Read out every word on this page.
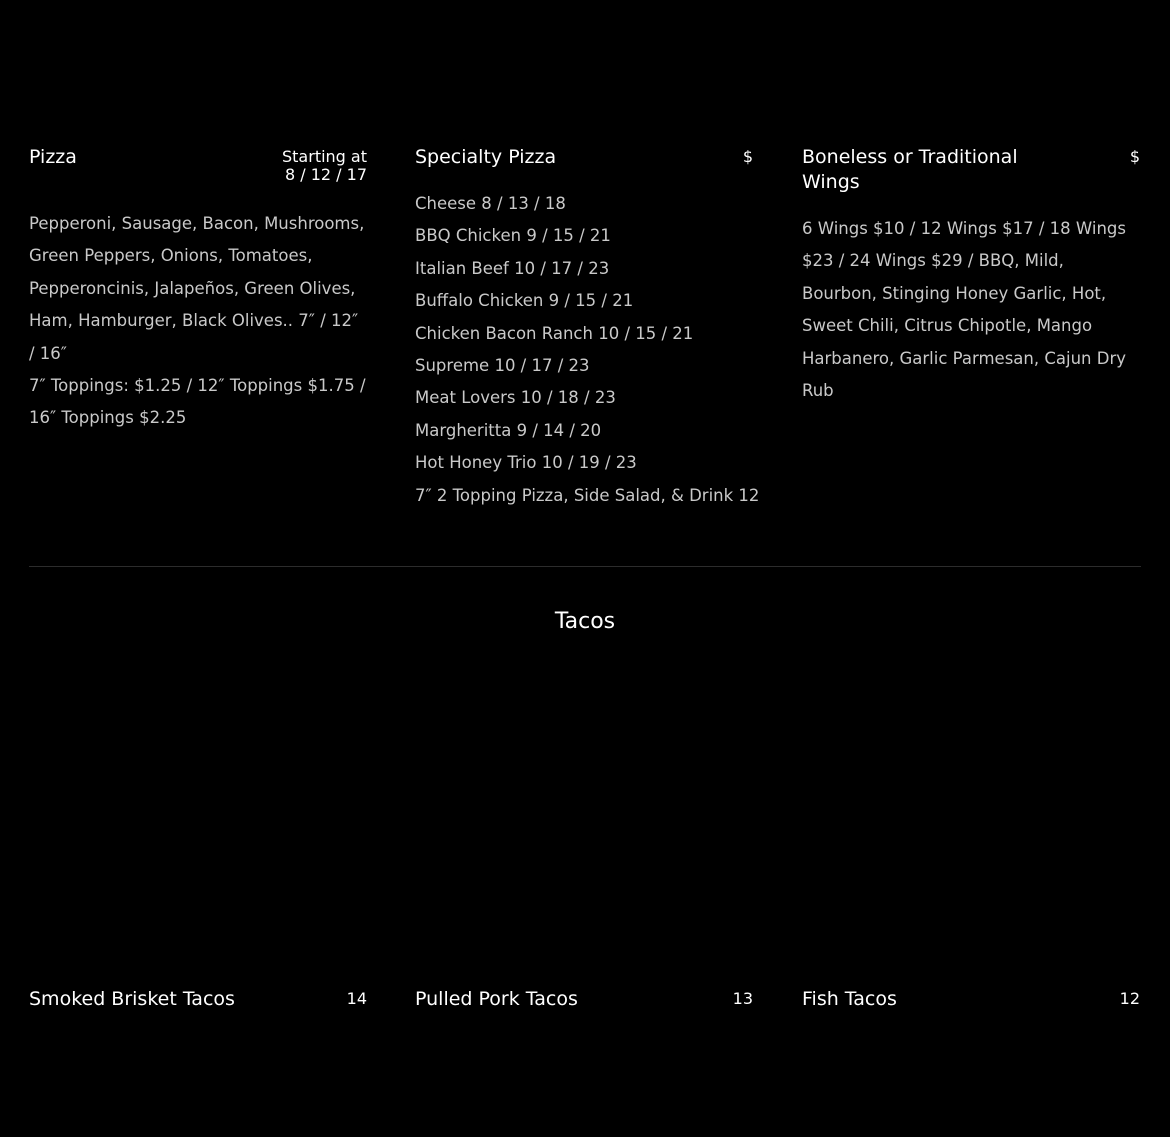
Pizza	Starting at
8 / 12 / 17

Pepperoni, Sausage, Bacon, Mushrooms, Green Peppers, Onions, Tomatoes, Pepperoncinis, Jalapeños, Green Olives, Ham, Hamburger, Black Olives.. 7″ / 12″ / 16″

7″ Toppings: $1.25 / 12″ Toppings $1.75 / 16″ Toppings $2.25

Specialty Pizza	$

Cheese 8 / 13 / 18

BBQ Chicken 9 / 15 / 21

Italian Beef 10 / 17 / 23

Buffalo Chicken 9 / 15 / 21

Chicken Bacon Ranch 10 / 15 / 21

Supreme 10 / 17 / 23

Meat Lovers 10 / 18 / 23

Margheritta 9 / 14 / 20

Hot Honey Trio 10 / 19 / 23

7″ 2 Topping Pizza, Side Salad, & Drink 12

Boneless or Traditional Wings
$

6 Wings $10 / 12 Wings $17 / 18 Wings $23 / 24 Wings $29 / BBQ, Mild, Bourbon, Stinging Honey Garlic, Hot, Sweet Chili, Citrus Chipotle, Mango Harbanero, Garlic Parmesan, Cajun Dry Rub

Tacos
Smoked Brisket Tacos	14	Pulled Pork Tacos	13	Fish Tacos	12
